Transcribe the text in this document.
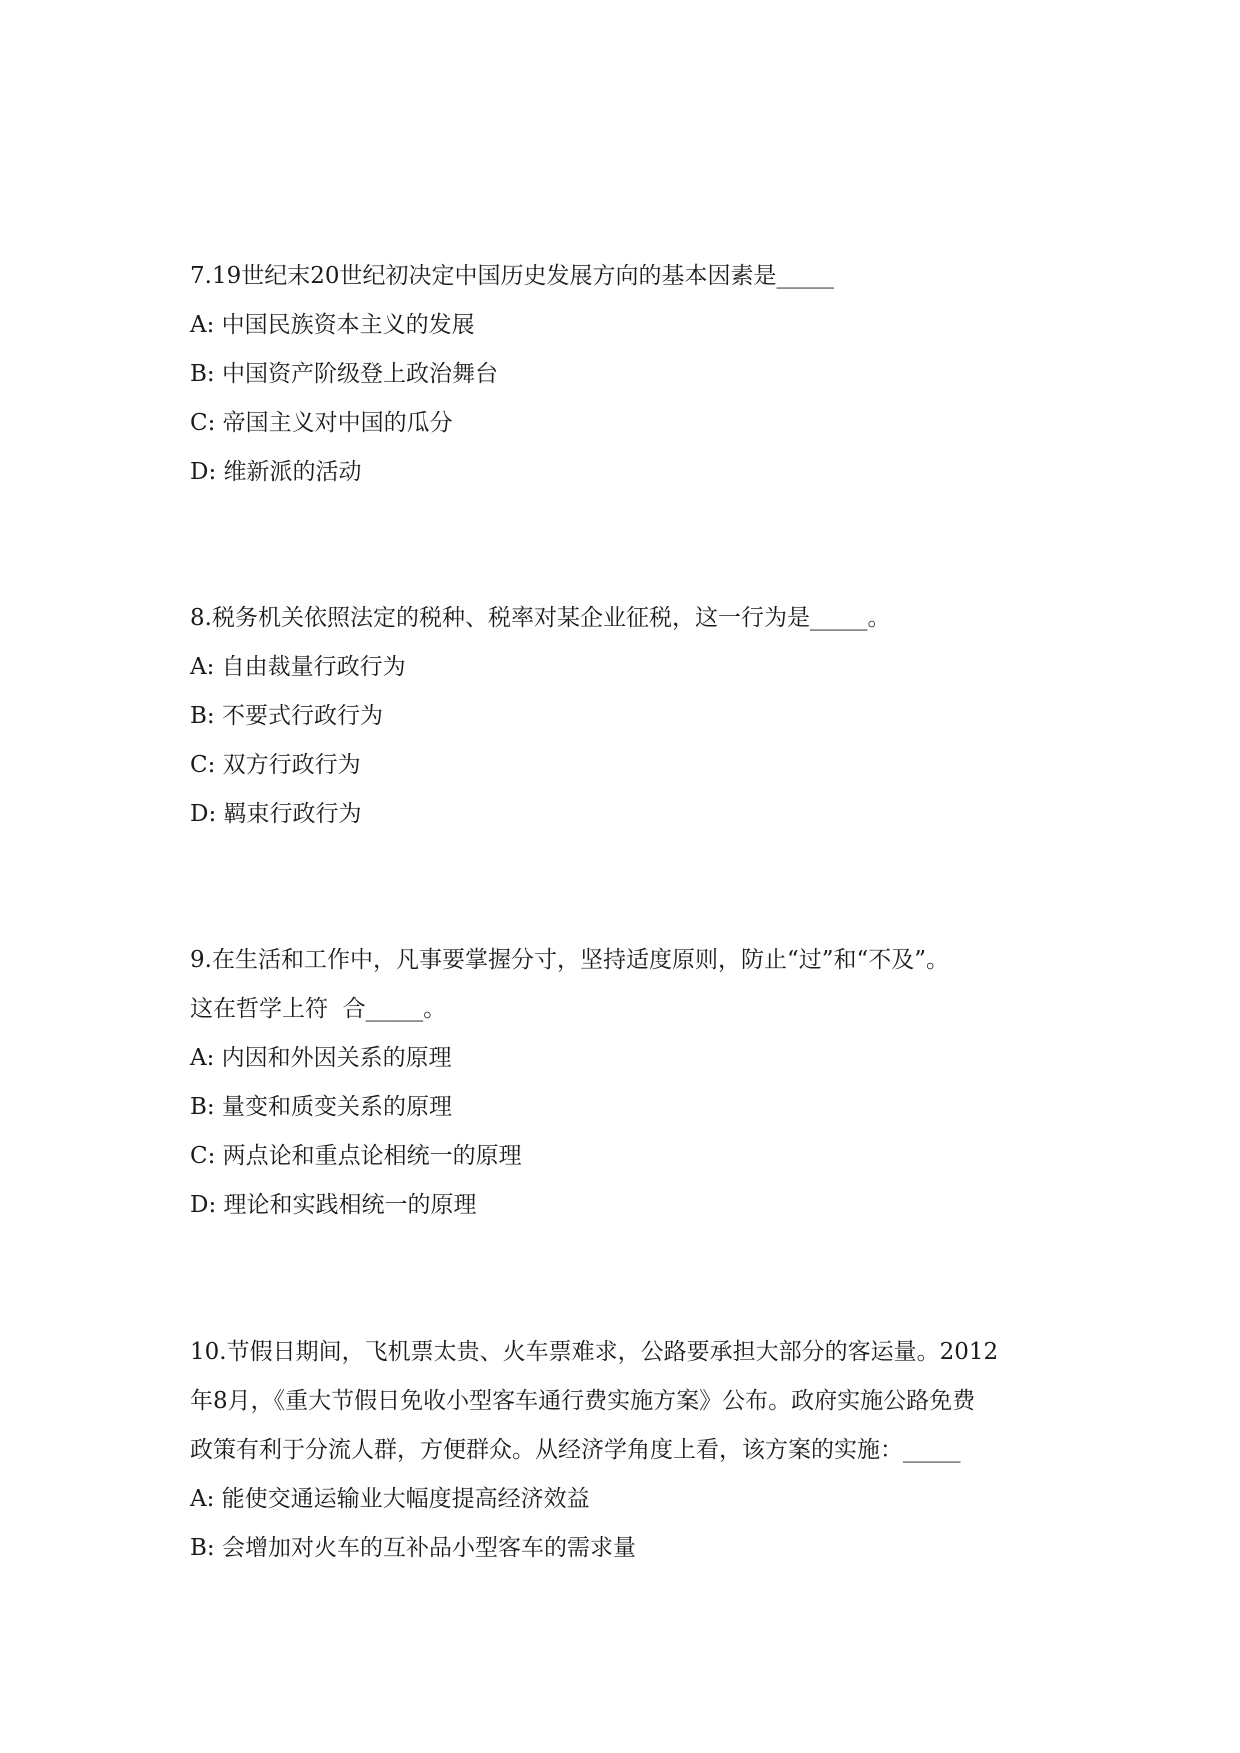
7.19世纪末20世纪初决定中国历史发展方向的基本因素是_____

A: 中国民族资本主义的发展

B: 中国资产阶级登上政治舞台

C: 帝国主义对中国的瓜分

D: 维新派的活动

8.税务机关依照法定的税种、税率对某企业征税，这一行为是_____。

A: 自由裁量行政行为

B: 不要式行政行为

C: 双方行政行为

D: 羁束行政行为

9.在生活和工作中，凡事要掌握分寸，坚持适度原则，防止“过”和“不及”。

这在哲学上符  合_____。

A: 内因和外因关系的原理

B: 量变和质变关系的原理

C: 两点论和重点论相统一的原理

D: 理论和实践相统一的原理

10.节假日期间，飞机票太贵、火车票难求，公路要承担大部分的客运量。2012

年8月，《重大节假日免收小型客车通行费实施方案》公布。政府实施公路免费

政策有利于分流人群，方便群众。从经济学角度上看，该方案的实施：_____

A: 能使交通运输业大幅度提高经济效益

B: 会增加对火车的互补品小型客车的需求量
